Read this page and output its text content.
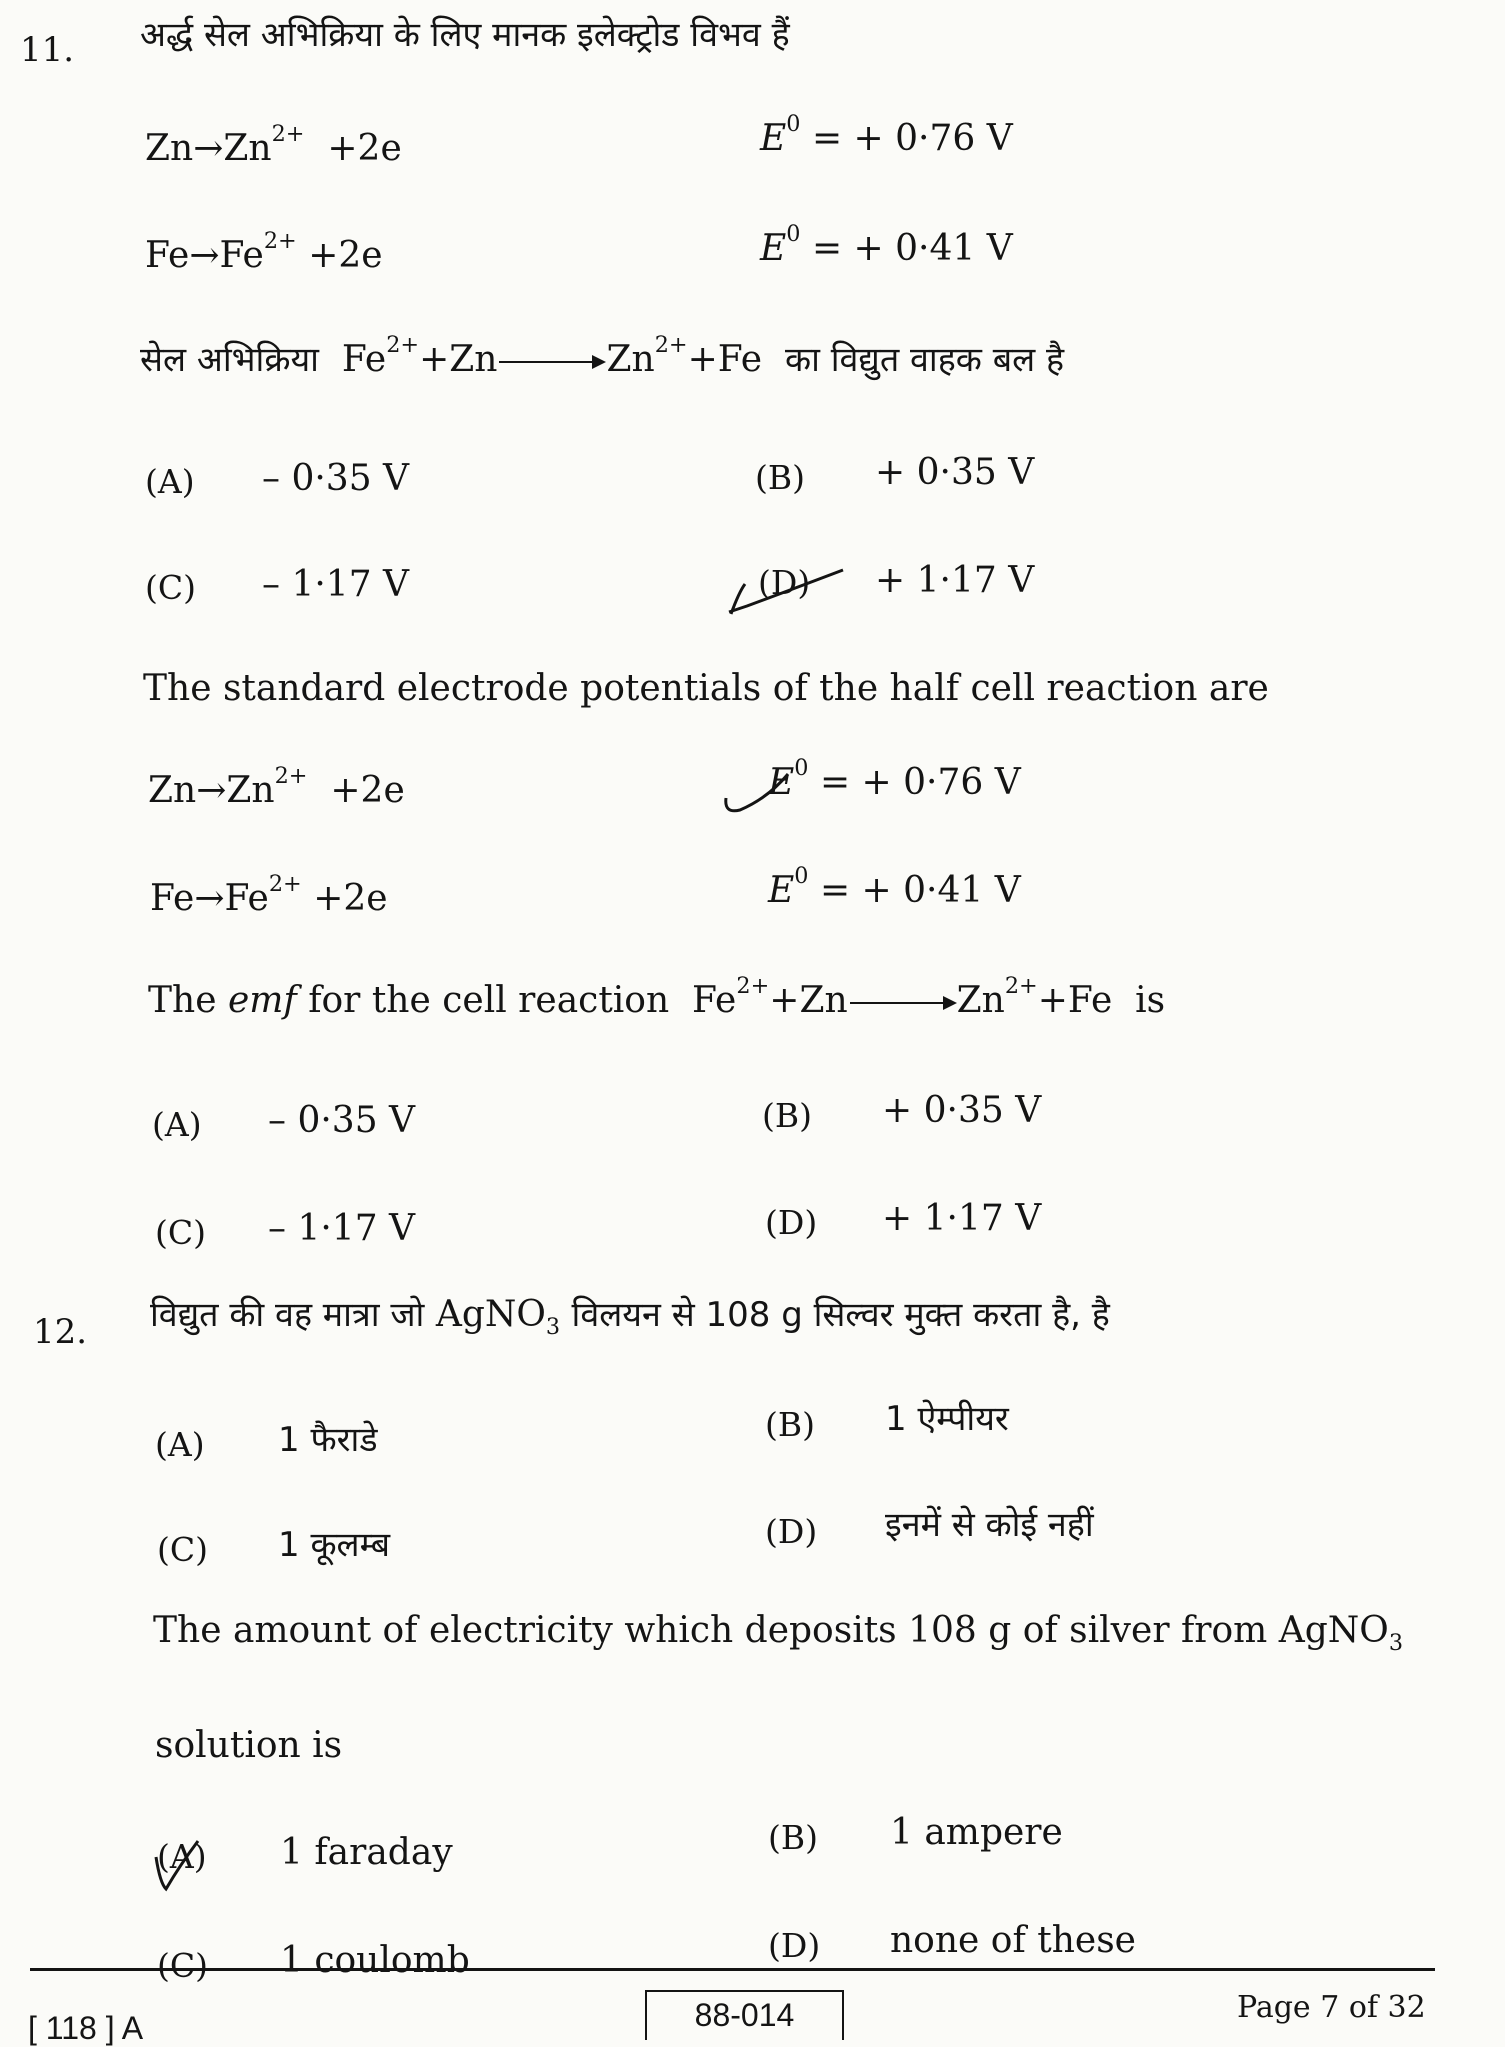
11. अर्द्ध सेल अभिक्रिया के लिए मानक इलेक्ट्रोड विभव हैं
$Zn\to Zn^{2+} +2e$	$E^0$ = + 0·76 V
$Fe\to Fe^{2+} +2e$	$E^0$ = + 0·41 V
सेल अभिक्रिया $Fe^{2+}+Zn$	$Zn^{2+}+Fe$ का विद्युत वाहक बल है
(A) – 0·35 V	(B) + 0·35 V
(C) – 1·17 V	(D) + 1·17 V
The standard electrode potentials of the half cell reaction are
$Zn\to Zn^{2+} +2e$	$E^0$ = + 0·76 V
$Fe\to Fe^{2+} +2e$	$E^0$ = + 0·41 V
The emf for the cell reaction $Fe^{2+}+Zn$	$Zn^{2+}+Fe$ is
(A) – 0·35 V	(B) + 0·35 V
(C) – 1·17 V	(D) + 1·17 V
12. विद्युत की वह मात्रा जो AgNO$_3$ विलयन से 108 g सिल्वर मुक्त करता है, है
(A) 1 फैराडे	(B) 1 ऐम्पीयर
(C) 1 कूलम्ब	(D) इनमें से कोई नहीं
The amount of electricity which deposits 108 g of silver from AgNO$_3$
solution is
(A) 1 faraday	(B) 1 ampere
(C) 1 coulomb	(D) none of these
[ 118 ] A	88-014	Page 7 of 32
